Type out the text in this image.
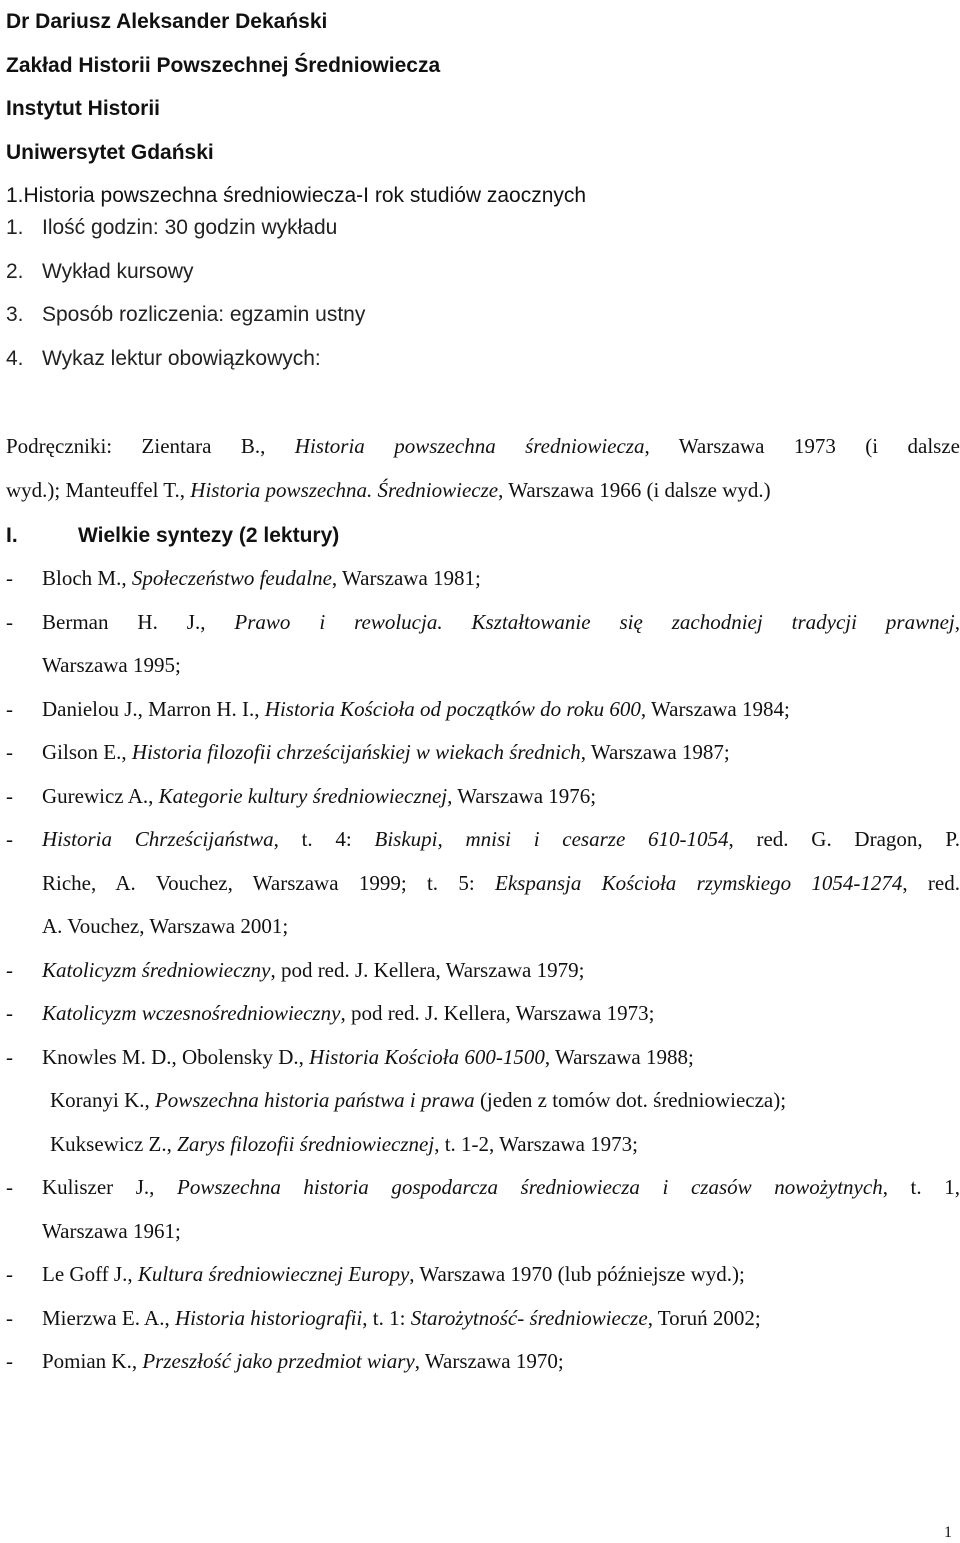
Dr Dariusz Aleksander Dekański
Zakład Historii Powszechnej Średniowiecza
Instytut Historii
Uniwersytet Gdański
1.Historia powszechna średniowiecza-I rok studiów zaocznych
1. Ilość godzin: 30 godzin wykładu
2. Wykład kursowy
3. Sposób rozliczenia: egzamin ustny
4. Wykaz lektur obowiązkowych:
Podręczniki: Zientara B., Historia powszechna średniowiecza, Warszawa 1973 (i dalsze
wyd.); Manteuffel T., Historia powszechna. Średniowiecze, Warszawa 1966 (i dalsze wyd.)
I.	Wielkie syntezy (2 lektury)
-	Bloch M., Społeczeństwo feudalne, Warszawa 1981;
-	Berman H. J., Prawo i rewolucja. Kształtowanie się zachodniej tradycji prawnej,
Warszawa 1995;
-	Danielou J., Marron H. I., Historia Kościoła od początków do roku 600, Warszawa 1984;
-	Gilson E., Historia filozofii chrześcijańskiej w wiekach średnich, Warszawa 1987;
-	Gurewicz A., Kategorie kultury średniowiecznej, Warszawa 1976;
-	Historia Chrześcijaństwa, t. 4: Biskupi, mnisi i cesarze 610-1054, red. G. Dragon, P.
Riche, A. Vouchez, Warszawa 1999; t. 5: Ekspansja Kościoła rzymskiego 1054-1274, red.
A. Vouchez, Warszawa 2001;
-	Katolicyzm średniowieczny, pod red. J. Kellera, Warszawa 1979;
-	Katolicyzm wczesnośredniowieczny, pod red. J. Kellera, Warszawa 1973;
-	Knowles M. D., Obolensky D., Historia Kościoła 600-1500, Warszawa 1988;
Koranyi K., Powszechna historia państwa i prawa (jeden z tomów dot. średniowiecza);
Kuksewicz Z., Zarys filozofii średniowiecznej, t. 1-2, Warszawa 1973;
-	Kuliszer J., Powszechna historia gospodarcza średniowiecza i czasów nowożytnych, t. 1,
Warszawa 1961;
-	Le Goff J., Kultura średniowiecznej Europy, Warszawa 1970 (lub późniejsze wyd.);
-	Mierzwa E. A., Historia historiografii, t. 1: Starożytność- średniowiecze, Toruń 2002;
-	Pomian K., Przeszłość jako przedmiot wiary, Warszawa 1970;
1
